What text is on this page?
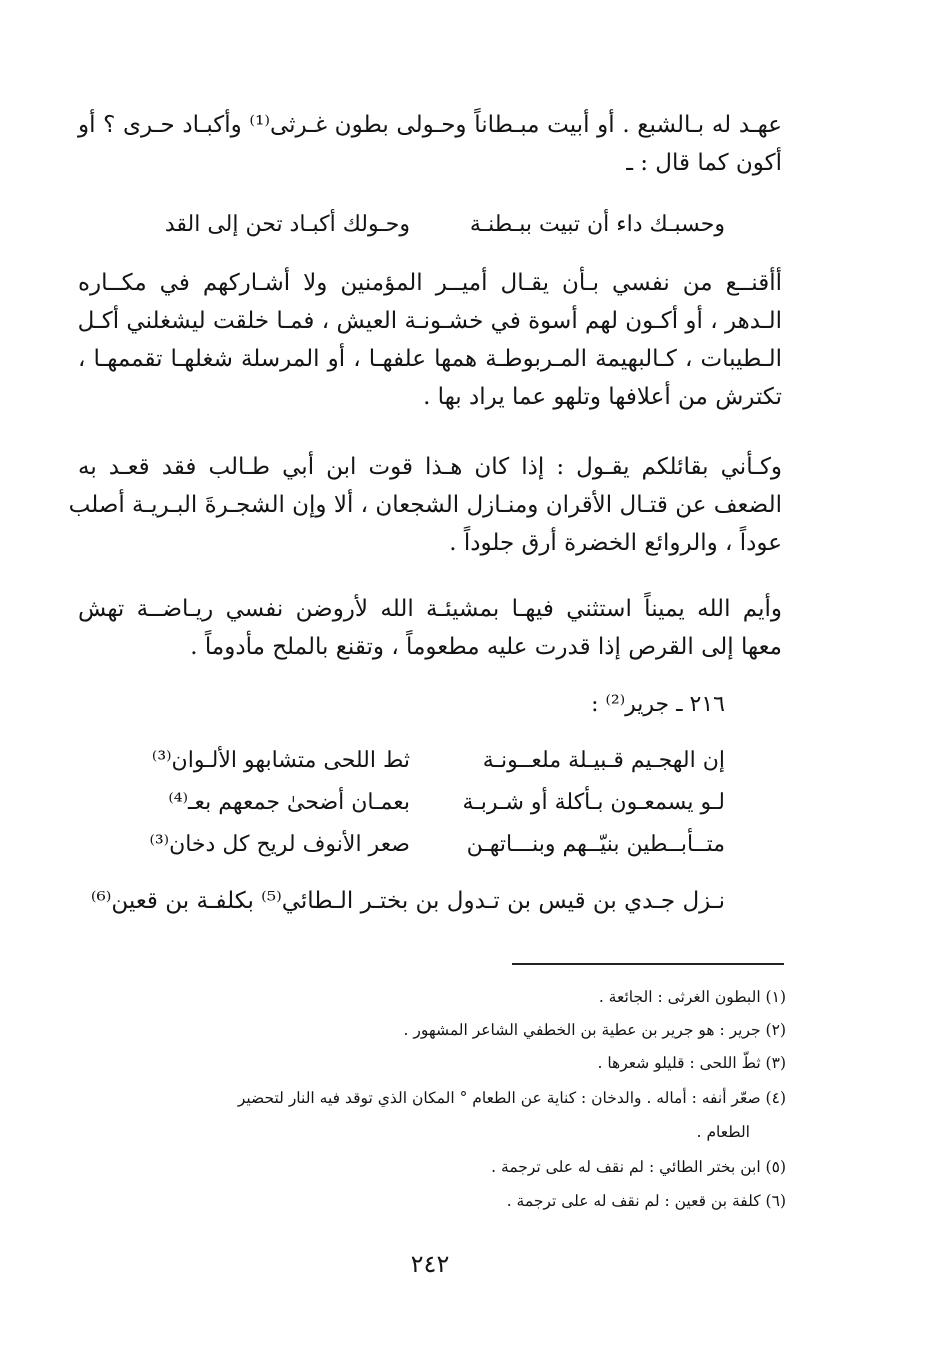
عهـد له بـالشبع . أو أبيت مبـطاناً وحـولى بطون غـرثى⁽¹⁾ وأكبـاد حـرى ؟ أو
أكون كما قال : ـ
وحسبـك داء أن تبيت ببـطنـة
وحـولك أكبـاد تحن إلى القد
أأقنــع من نفسي بـأن يقـال أميــر المؤمنين ولا أشـاركهم في مكــاره
الـدهر ، أو أكـون لهم أسوة في خشـونـة العيش ، فمـا خلقت ليشغلني أكـل
الـطيبات ، كـالبهيمة المـربوطـة همها علفهـا ، أو المرسلة شغلهـا تقممهـا ،
تكترش من أعلافها وتلهو عما يراد بها .
وكـأني بقائلكم يقـول : إذا كان هـذا قوت ابن أبي طـالب فقد قعـد به
الضعف عن قتـال الأقران ومنـازل الشجعان ، ألا وإن الشجـرةَ البـريـة أصلب
عوداً ، والروائع الخضرة أرق جلوداً .
وأيم الله يميناً استثني فيهـا بمشيئـة الله لأروضن نفسي ريـاضــة تهش
معها إلى القرص إذا قدرت عليه مطعوماً ، وتقنع بالملح مأدوماً .
٢١٦ ـ جرير⁽²⁾ :
إن الهجـيم قـبيـلة ملعــونـة
ثط اللحى متشابهو الألـوان⁽³⁾
لـو يسمعـون بـأكلة أو شـربـة
بعمـان أضحىٰ جمعهم بعـ⁽⁴⁾
متــأبــطين بنيّــهم وبنـــاتهـن
صعر الأنوف لريح كل دخان⁽³⁾
نـزل جـدي بن قيس بن تـدول بن بختـر الـطائي⁽⁵⁾ بكلفـة بن قعين⁽⁶⁾
(١) البطون الغرثى : الجائعة .
(٢) جرير : هو جرير بن عطية بن الخطفي الشاعر المشهور .
(٣) ثطّ اللحى : قليلو شعرها .
(٤) صعّر أنفه : أماله . والدخان : كناية عن الطعام ° المكان الذي توقد فيه النار لتحضير
الطعام .
(٥) ابن بختر الطائي : لم نقف له على ترجمة .
(٦) كلفة بن قعين : لم نقف له على ترجمة .
٢٤٢
